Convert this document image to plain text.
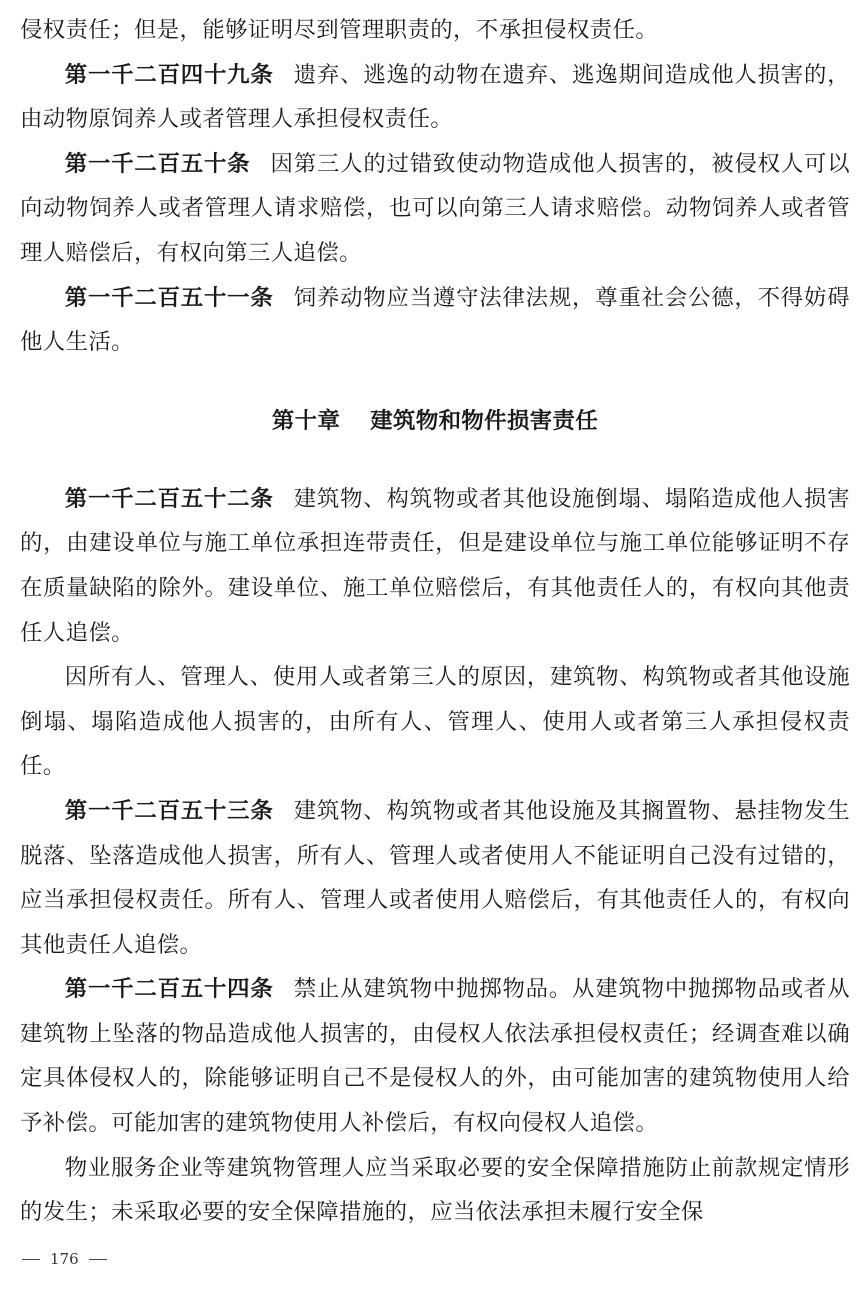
侵权责任；但是，能够证明尽到管理职责的，不承担侵权责任。

第一千二百四十九条 遗弃、逃逸的动物在遗弃、逃逸期间造成他人损害的，由动物原饲养人或者管理人承担侵权责任。

第一千二百五十条 因第三人的过错致使动物造成他人损害的，被侵权人可以向动物饲养人或者管理人请求赔偿，也可以向第三人请求赔偿。动物饲养人或者管理人赔偿后，有权向第三人追偿。

第一千二百五十一条 饲养动物应当遵守法律法规，尊重社会公德，不得妨碍他人生活。

第十章 建筑物和物件损害责任

第一千二百五十二条 建筑物、构筑物或者其他设施倒塌、塌陷造成他人损害的，由建设单位与施工单位承担连带责任，但是建设单位与施工单位能够证明不存在质量缺陷的除外。建设单位、施工单位赔偿后，有其他责任人的，有权向其他责任人追偿。

因所有人、管理人、使用人或者第三人的原因，建筑物、构筑物或者其他设施倒塌、塌陷造成他人损害的，由所有人、管理人、使用人或者第三人承担侵权责任。

第一千二百五十三条 建筑物、构筑物或者其他设施及其搁置物、悬挂物发生脱落、坠落造成他人损害，所有人、管理人或者使用人不能证明自己没有过错的，应当承担侵权责任。所有人、管理人或者使用人赔偿后，有其他责任人的，有权向其他责任人追偿。

第一千二百五十四条 禁止从建筑物中抛掷物品。从建筑物中抛掷物品或者从建筑物上坠落的物品造成他人损害的，由侵权人依法承担侵权责任；经调查难以确定具体侵权人的，除能够证明自己不是侵权人的外，由可能加害的建筑物使用人给予补偿。可能加害的建筑物使用人补偿后，有权向侵权人追偿。

物业服务企业等建筑物管理人应当采取必要的安全保障措施防止前款规定情形的发生；未采取必要的安全保障措施的，应当依法承担未履行安全保

176
